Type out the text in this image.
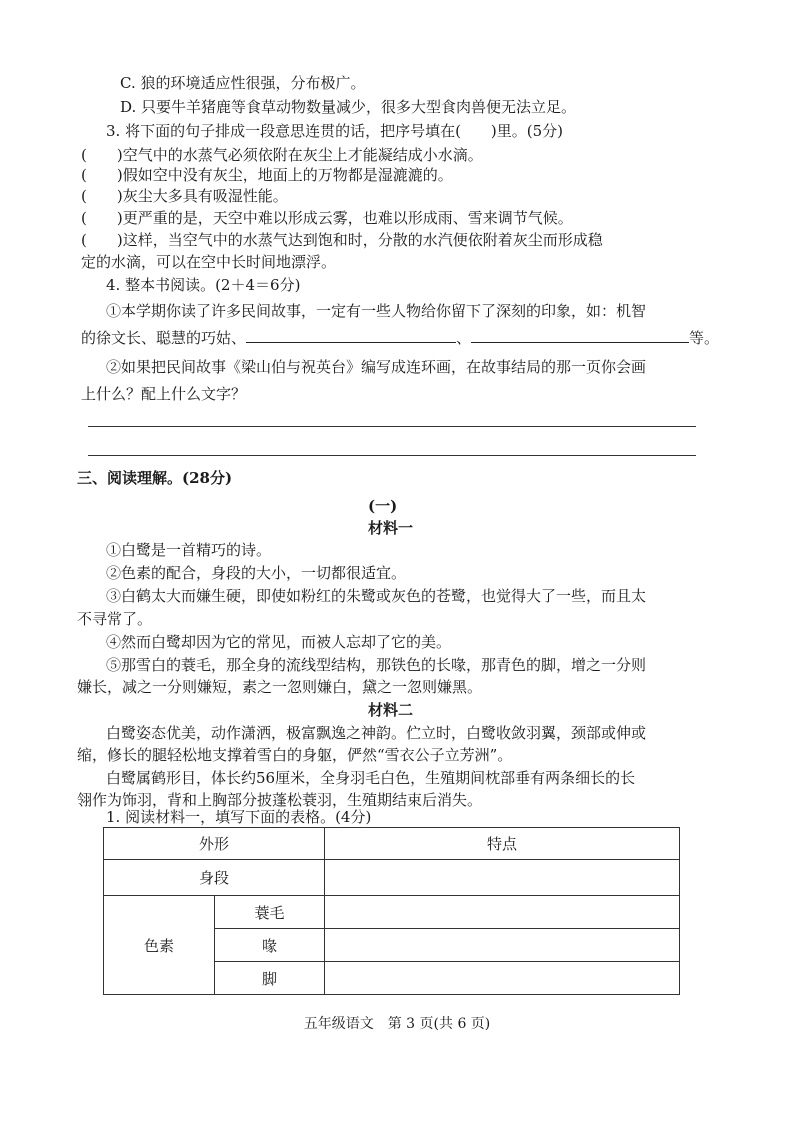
C. 狼的环境适应性很强，分布极广。
D. 只要牛羊猪鹿等食草动物数量减少，很多大型食肉兽便无法立足。
3. 将下面的句子排成一段意思连贯的话，把序号填在(　　)里。(5分)
(　　)空气中的水蒸气必须依附在灰尘上才能凝结成小水滴。
(　　)假如空中没有灰尘，地面上的万物都是湿漉漉的。
(　　)灰尘大多具有吸湿性能。
(　　)更严重的是，天空中难以形成云雾，也难以形成雨、雪来调节气候。
(　　)这样，当空气中的水蒸气达到饱和时，分散的水汽便依附着灰尘而形成稳
定的水滴，可以在空中长时间地漂浮。
4. 整本书阅读。(2＋4＝6分)
①本学期你读了许多民间故事，一定有一些人物给你留下了深刻的印象，如：机智
的徐文长、聪慧的巧姑、	、	等。
②如果把民间故事《梁山伯与祝英台》编写成连环画，在故事结局的那一页你会画
上什么？配上什么文字？
三、阅读理解。(28分)
(一)
材料一
①白鹭是一首精巧的诗。
②色素的配合，身段的大小，一切都很适宜。
③白鹤太大而嫌生硬，即使如粉红的朱鹭或灰色的苍鹭，也觉得大了一些，而且太
不寻常了。
④然而白鹭却因为它的常见，而被人忘却了它的美。
⑤那雪白的蓑毛，那全身的流线型结构，那铁色的长喙，那青色的脚，增之一分则
嫌长，减之一分则嫌短，素之一忽则嫌白，黛之一忽则嫌黑。
材料二
白鹭姿态优美，动作潇洒，极富飘逸之神韵。伫立时，白鹭收敛羽翼，颈部或伸或
缩，修长的腿轻松地支撑着雪白的身躯，俨然“雪衣公子立芳洲”。
白鹭属鹤形目，体长约56厘米，全身羽毛白色，生殖期间枕部垂有两条细长的长
翎作为饰羽，背和上胸部分披蓬松蓑羽，生殖期结束后消失。
1. 阅读材料一，填写下面的表格。(4分)
外形		特点
身段		
色素	蓑毛	
	喙	
	脚	
五年级语文　第 3 页(共 6 页)
